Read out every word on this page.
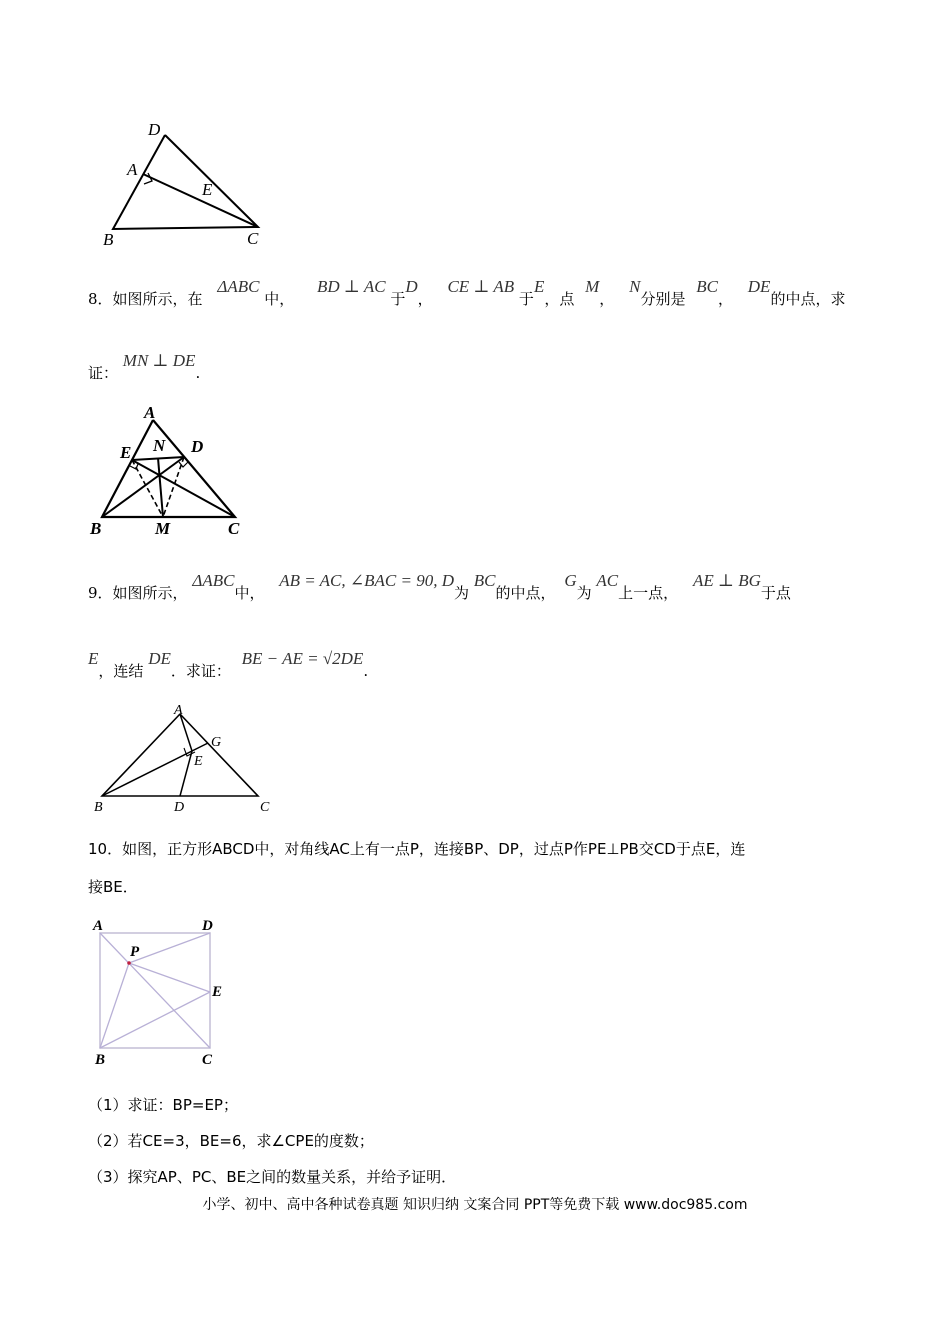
D
A
E
B	C
8．如图所示，在 ΔABC 中， BD ⊥ AC 于D， CE ⊥ AB 于E，点 M， N分别是 BC， DE的中点，求
证： MN ⊥ DE.
A
E N D
B	M	C
9．如图所示， ΔABC中， AB = AC, ∠BAC = 90, D为 BC的中点， G为 AC上一点， AE ⊥ BG于点
E，连结 DE．求证： BE − AE = √2DE.
A
G
E
B	D	C
10．如图，正方形ABCD中，对角线AC上有一点P，连接BP、DP，过点P作PE⊥PB交CD于点E，连
接BE．
A	D
P
E
B	C
（1）求证：BP=EP；
（2）若CE=3，BE=6，求∠CPE的度数；
（3）探究AP、PC、BE之间的数量关系，并给予证明．
小学、初中、高中各种试卷真题 知识归纳 文案合同 PPT等免费下载 www.doc985.com
